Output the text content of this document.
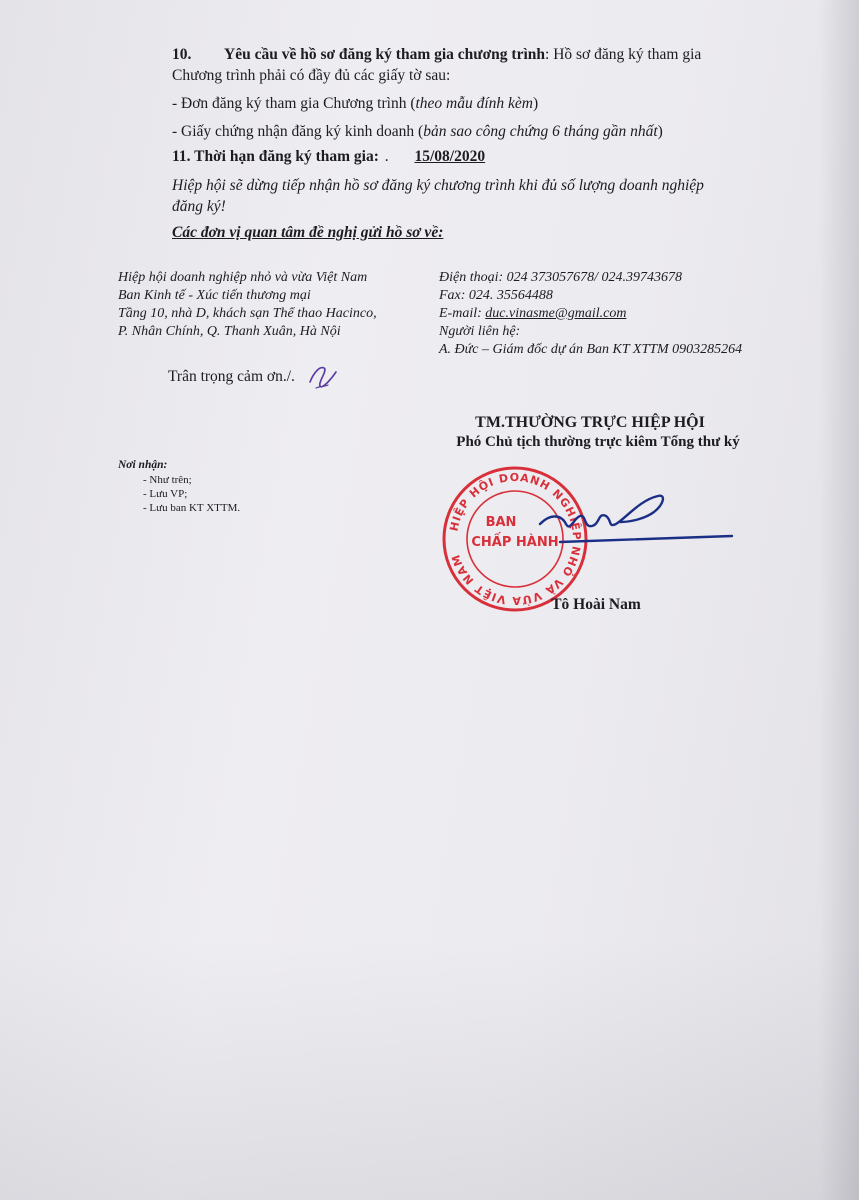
10. Yêu cầu về hồ sơ đăng ký tham gia chương trình: Hồ sơ đăng ký tham gia
Chương trình phải có đầy đủ các giấy tờ sau:
- Đơn đăng ký tham gia Chương trình (theo mẫu đính kèm)
- Giấy chứng nhận đăng ký kinh doanh (bản sao công chứng 6 tháng gần nhất)
11. Thời hạn đăng ký tham gia: . 15/08/2020
Hiệp hội sẽ dừng tiếp nhận hồ sơ đăng ký chương trình khi đủ số lượng doanh nghiệp
đăng ký!
Các đơn vị quan tâm đề nghị gửi hồ sơ về:
Hiệp hội doanh nghiệp nhỏ và vừa Việt Nam
Ban Kinh tế - Xúc tiến thương mại
Tầng 10, nhà D, khách sạn Thể thao Hacinco,
P. Nhân Chính, Q. Thanh Xuân, Hà Nội
Điện thoại: 024 373057678/ 024.39743678
Fax: 024. 35564488
E-mail: duc.vinasme@gmail.com
Người liên hệ:
A. Đức – Giám đốc dự án Ban KT XTTM 0903285264
Trân trọng cảm ơn./.
TM.THƯỜNG TRỰC HIỆP HỘI
Phó Chủ tịch thường trực kiêm Tổng thư ký
Nơi nhận:
- Như trên;
- Lưu VP;
- Lưu ban KT XTTM.
HIỆP HỘI DOANH NGHIỆP NHỎ VÀ VỪA VIỆT NAM
BAN
CHẤP HÀNH
Tô Hoài Nam
